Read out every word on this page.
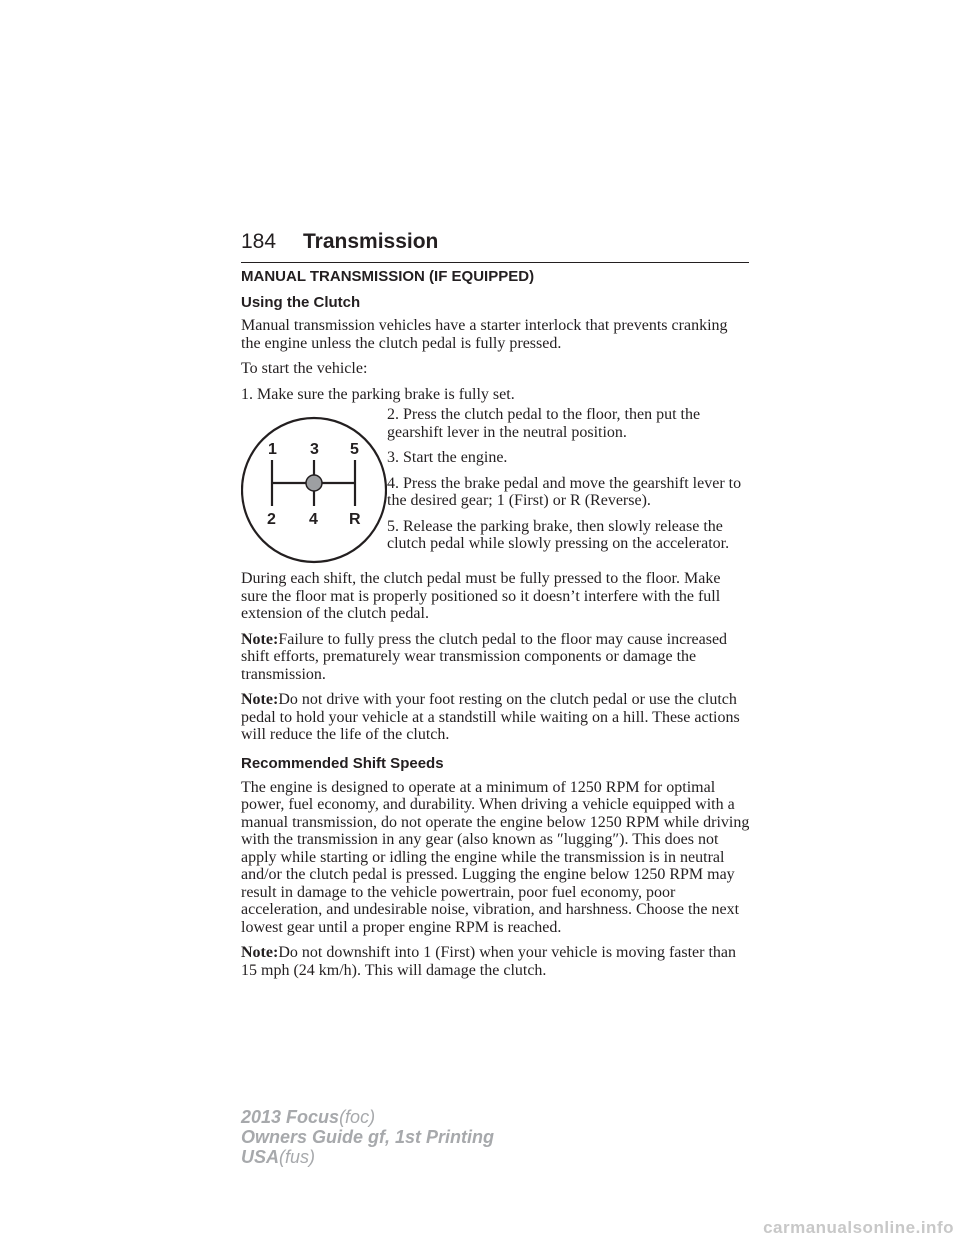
184 Transmission
MANUAL TRANSMISSION (IF EQUIPPED)
Using the Clutch
Manual transmission vehicles have a starter interlock that prevents cranking the engine unless the clutch pedal is fully pressed.
To start the vehicle:
1. Make sure the parking brake is fully set.
1 3 5
2 4 R
2. Press the clutch pedal to the floor, then put the gearshift lever in the neutral position.
3. Start the engine.
4. Press the brake pedal and move the gearshift lever to the desired gear; 1 (First) or R (Reverse).
5. Release the parking brake, then slowly release the clutch pedal while slowly pressing on the accelerator.
During each shift, the clutch pedal must be fully pressed to the floor. Make sure the floor mat is properly positioned so it doesn’t interfere with the full extension of the clutch pedal.
Note:Failure to fully press the clutch pedal to the floor may cause increased shift efforts, prematurely wear transmission components or damage the transmission.
Note:Do not drive with your foot resting on the clutch pedal or use the clutch pedal to hold your vehicle at a standstill while waiting on a hill. These actions will reduce the life of the clutch.
Recommended Shift Speeds
The engine is designed to operate at a minimum of 1250 RPM for optimal power, fuel economy, and durability. When driving a vehicle equipped with a manual transmission, do not operate the engine below 1250 RPM while driving with the transmission in any gear (also known as ″lugging″). This does not apply while starting or idling the engine while the transmission is in neutral and/or the clutch pedal is pressed. Lugging the engine below 1250 RPM may result in damage to the vehicle powertrain, poor fuel economy, poor acceleration, and undesirable noise, vibration, and harshness. Choose the next lowest gear until a proper engine RPM is reached.
Note:Do not downshift into 1 (First) when your vehicle is moving faster than 15 mph (24 km/h). This will damage the clutch.
2013 Focus(foc)
Owners Guide gf, 1st Printing
USA(fus)
carmanualsonline.info
